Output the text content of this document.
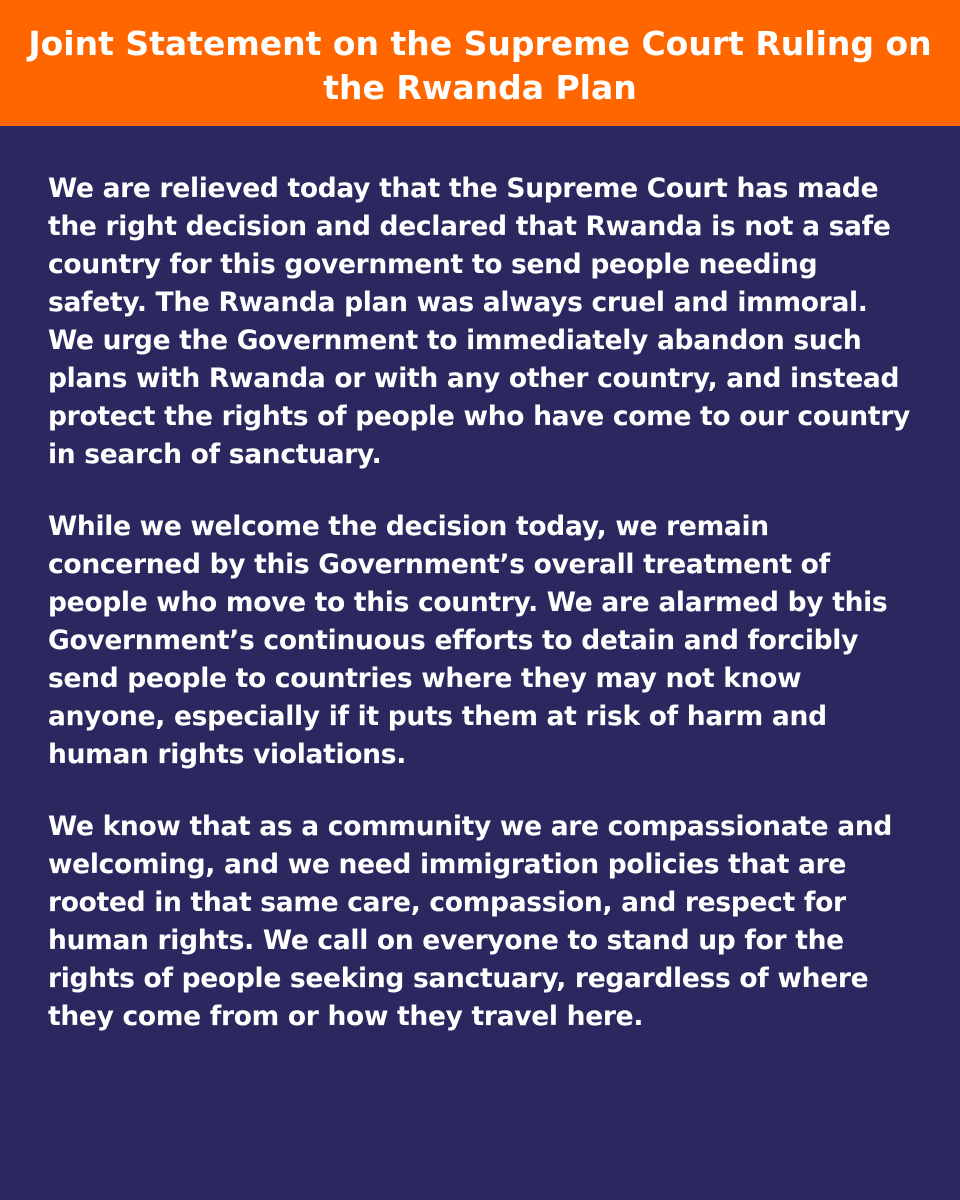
Joint Statement on the Supreme Court Ruling on the Rwanda Plan

We are relieved today that the Supreme Court has made the right decision and declared that Rwanda is not a safe country for this government to send people needing safety. The Rwanda plan was always cruel and immoral. We urge the Government to immediately abandon such plans with Rwanda or with any other country, and instead protect the rights of people who have come to our country in search of sanctuary.

While we welcome the decision today, we remain concerned by this Government’s overall treatment of people who move to this country. We are alarmed by this Government’s continuous efforts to detain and forcibly send people to countries where they may not know anyone, especially if it puts them at risk of harm and human rights violations.

We know that as a community we are compassionate and welcoming, and we need immigration policies that are rooted in that same care, compassion, and respect for human rights. We call on everyone to stand up for the rights of people seeking sanctuary, regardless of where they come from or how they travel here.
